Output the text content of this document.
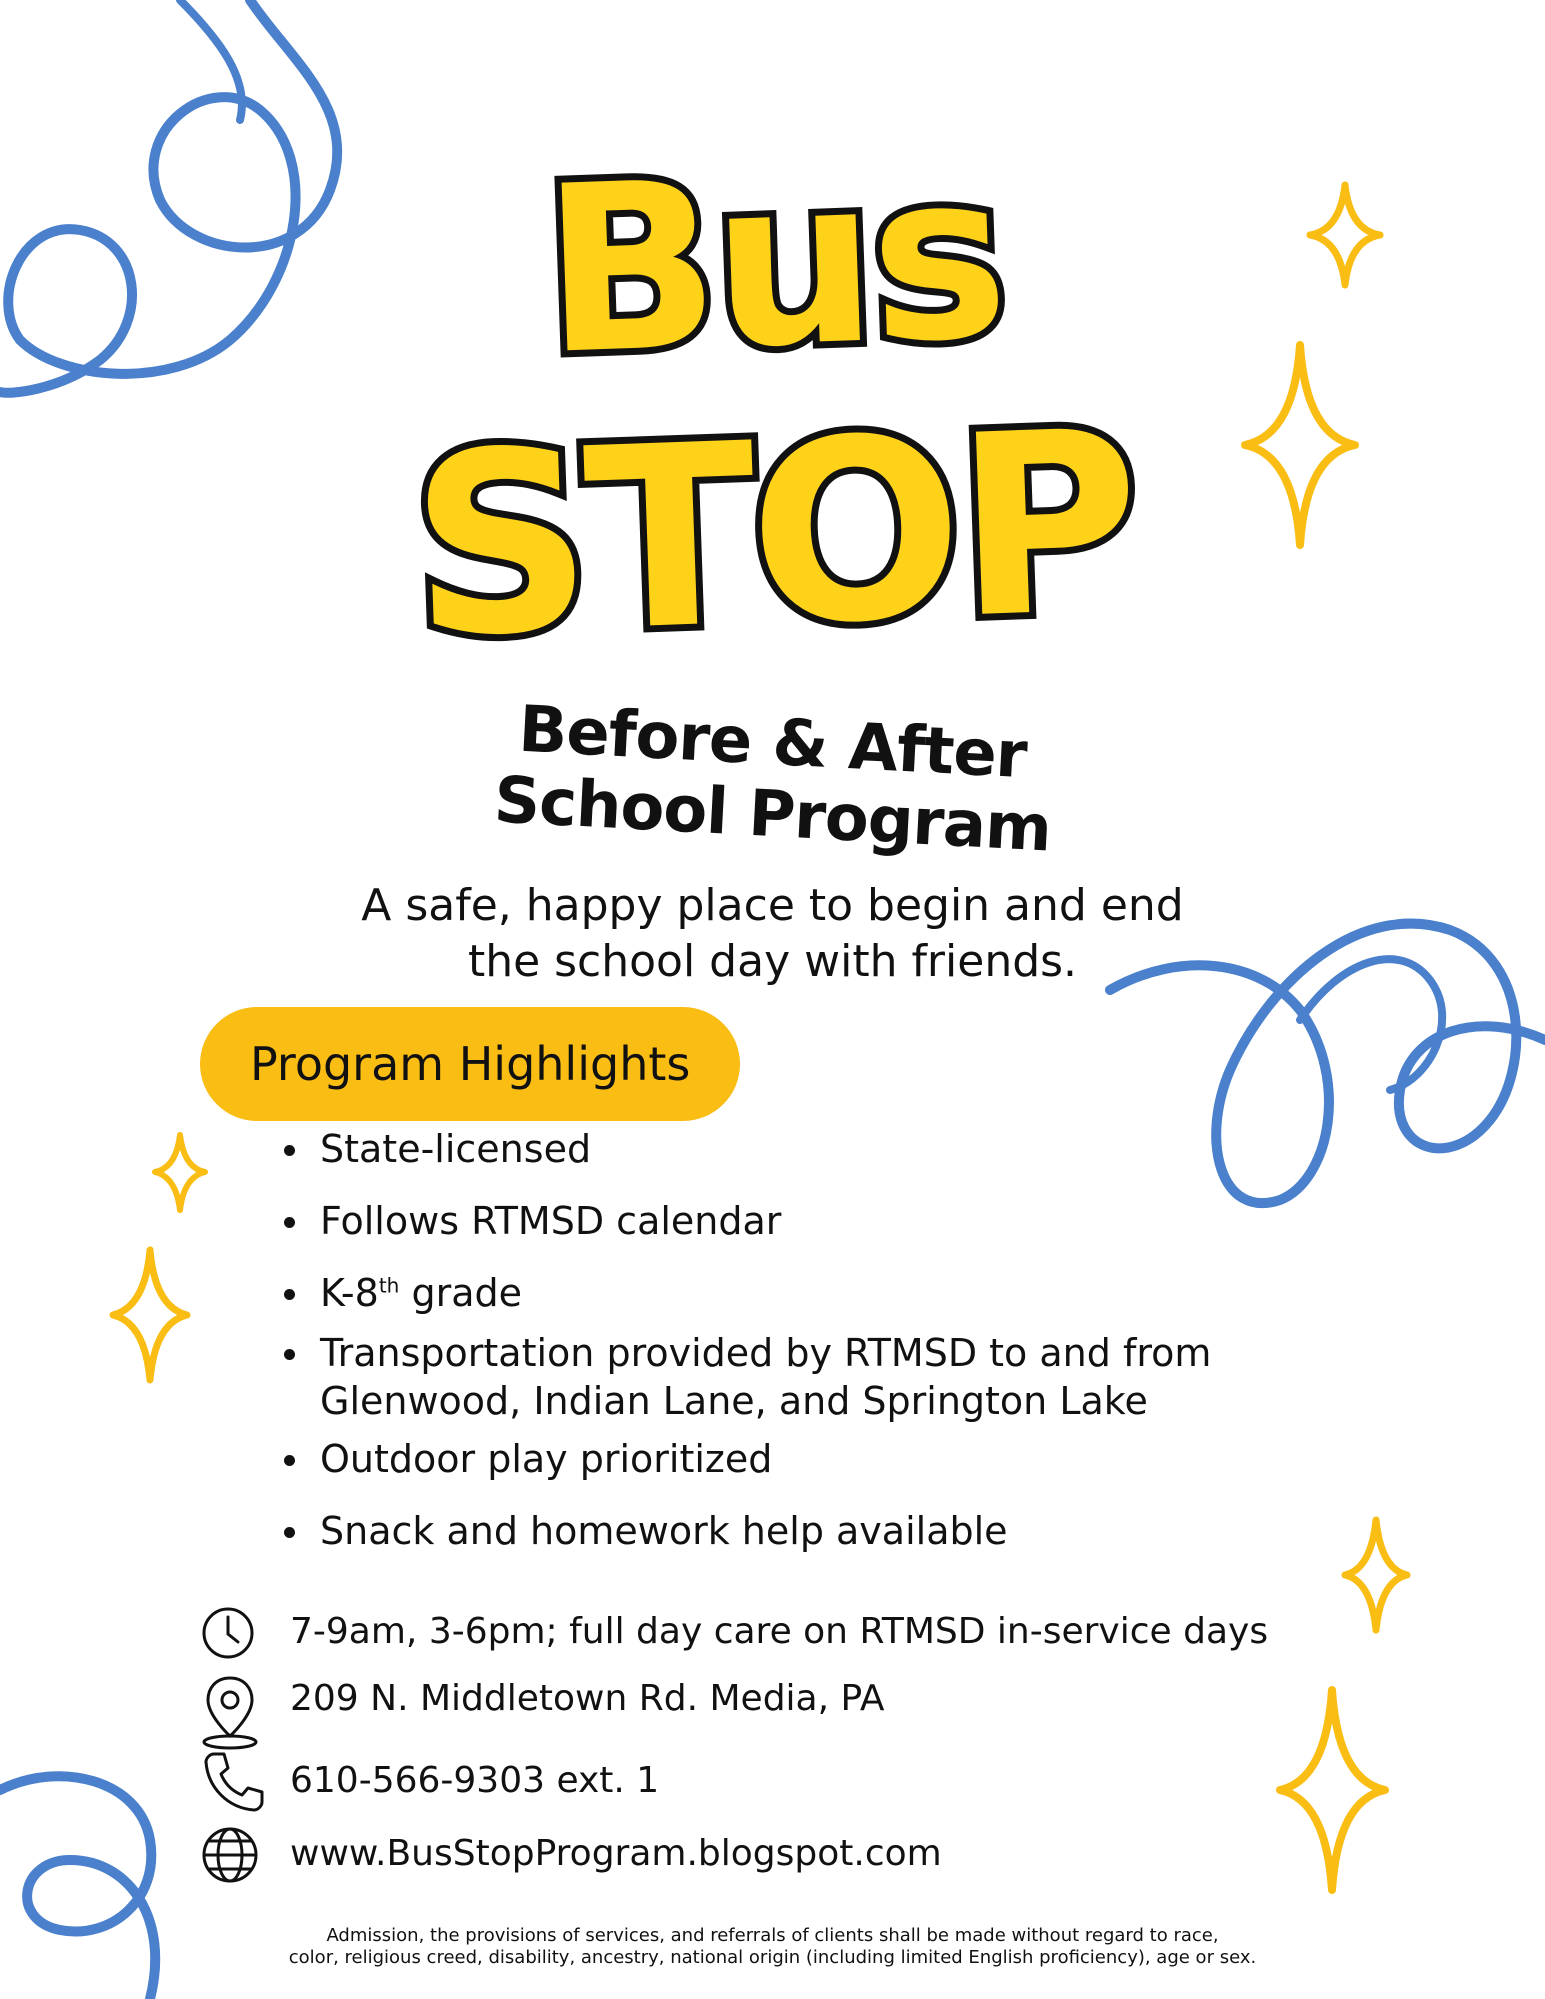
Bus
STOP
Before & After
School Program
A safe, happy place to begin and end
the school day with friends.
Program Highlights
State-licensed
Follows RTMSD calendar
K-8th grade
Transportation provided by RTMSD to and from
Glenwood, Indian Lane, and Springton Lake
Outdoor play prioritized
Snack and homework help available
7-9am, 3-6pm; full day care on RTMSD in-service days
209 N. Middletown Rd. Media, PA
610-566-9303 ext. 1
www.BusStopProgram.blogspot.com
Admission, the provisions of services, and referrals of clients shall be made without regard to race,
color, religious creed, disability, ancestry, national origin (including limited English proficiency), age or sex.
